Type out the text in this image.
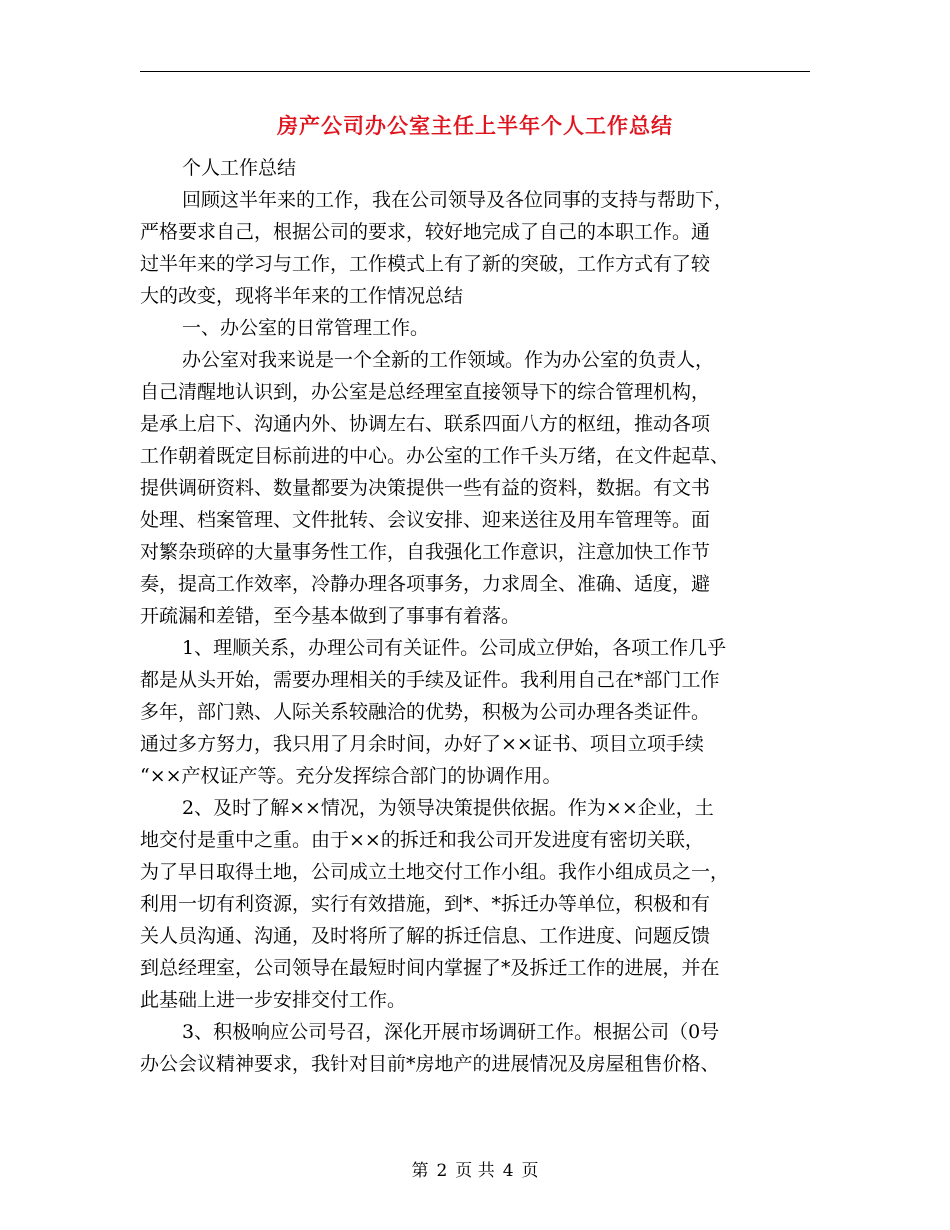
房产公司办公室主任上半年个人工作总结
个人工作总结
回顾这半年来的工作，我在公司领导及各位同事的支持与帮助下，
严格要求自己，根据公司的要求，较好地完成了自己的本职工作。通
过半年来的学习与工作，工作模式上有了新的突破，工作方式有了较
大的改变，现将半年来的工作情况总结
一、办公室的日常管理工作。
办公室对我来说是一个全新的工作领域。作为办公室的负责人，
自己清醒地认识到，办公室是总经理室直接领导下的综合管理机构，
是承上启下、沟通内外、协调左右、联系四面八方的枢纽，推动各项
工作朝着既定目标前进的中心。办公室的工作千头万绪，在文件起草、
提供调研资料、数量都要为决策提供一些有益的资料，数据。有文书
处理、档案管理、文件批转、会议安排、迎来送往及用车管理等。面
对繁杂琐碎的大量事务性工作，自我强化工作意识，注意加快工作节
奏，提高工作效率，冷静办理各项事务，力求周全、准确、适度，避
开疏漏和差错，至今基本做到了事事有着落。
1、理顺关系，办理公司有关证件。公司成立伊始，各项工作几乎
都是从头开始，需要办理相关的手续及证件。我利用自己在*部门工作
多年，部门熟、人际关系较融洽的优势，积极为公司办理各类证件。
通过多方努力，我只用了月余时间，办好了××证书、项目立项手续
“××产权证产等。充分发挥综合部门的协调作用。
2、及时了解××情况，为领导决策提供依据。作为××企业，土
地交付是重中之重。由于××的拆迁和我公司开发进度有密切关联，
为了早日取得土地，公司成立土地交付工作小组。我作小组成员之一，
利用一切有利资源，实行有效措施，到*、*拆迁办等单位，积极和有
关人员沟通、沟通，及时将所了解的拆迁信息、工作进度、问题反馈
到总经理室，公司领导在最短时间内掌握了*及拆迁工作的进展，并在
此基础上进一步安排交付工作。
3、积极响应公司号召，深化开展市场调研工作。根据公司（0号
办公会议精神要求，我针对目前*房地产的进展情况及房屋租售价格、
第 2 页 共 4 页
